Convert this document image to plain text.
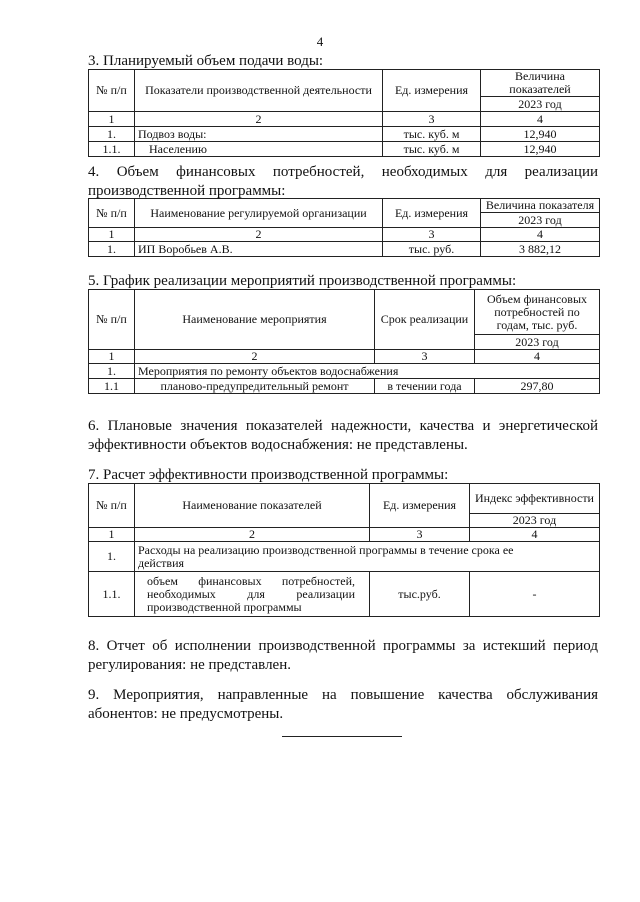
4
3. Планируемый объем подачи воды:
№ п/п	Показатели производственной деятельности	Ед. измерения	Величина показателей
			2023 год
1	2	3	4
1.	Подвоз воды:	тыс. куб. м	12,940
1.1.	Населению	тыс. куб. м	12,940
4. Объем финансовых потребностей, необходимых для реализации
производственной программы:
№ п/п	Наименование регулируемой организации	Ед. измерения	Величина показателя
			2023 год
1	2	3	4
1.	ИП Воробьев А.В.	тыс. руб.	3 882,12
5. График реализации мероприятий производственной программы:
№ п/п	Наименование мероприятия	Срок реализации	Объем финансовых потребностей по годам, тыс. руб.
			2023 год
1	2	3	4
1.	Мероприятия по ремонту объектов водоснабжения		
1.1	планово-предупредительный ремонт	в течении года	297,80
6. Плановые значения показателей надежности, качества и энергетической
эффективности объектов водоснабжения: не представлены.
7. Расчет эффективности производственной программы:
№ п/п	Наименование показателей	Ед. измерения	Индекс эффективности
			2023 год
1	2	3	4
1.	Расходы на реализацию производственной программы в течение срока ее действия		
1.1.	объем финансовых потребностей, необходимых для реализации производственной программы	тыс.руб.	-
8. Отчет об исполнении производственной программы за истекший период
регулирования: не представлен.
9. Мероприятия, направленные на повышение качества обслуживания
абонентов: не предусмотрены.
